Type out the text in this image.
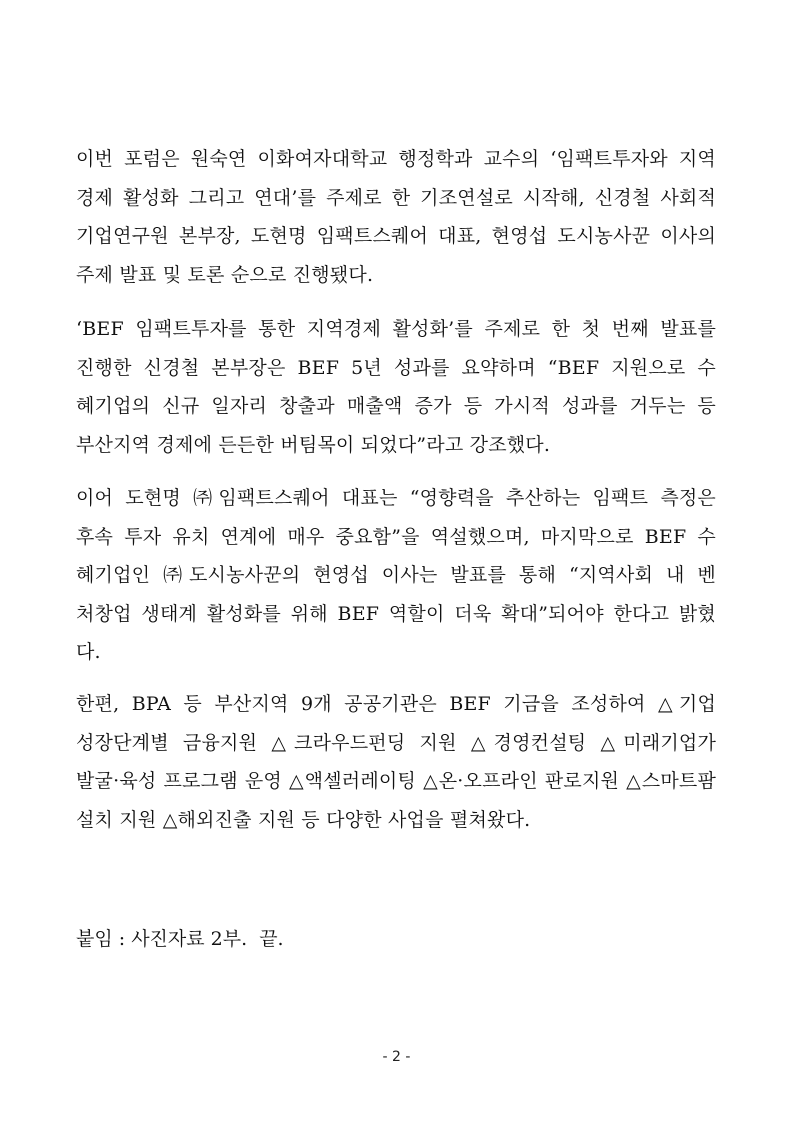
이번 포럼은 원숙연 이화여자대학교 행정학과 교수의 ‘임팩트투자와 지역
경제 활성화 그리고 연대’를 주제로 한 기조연설로 시작해, 신경철 사회적
기업연구원 본부장, 도현명 임팩트스퀘어 대표, 현영섭 도시농사꾼 이사의
주제 발표 및 토론 순으로 진행됐다.
‘BEF 임팩트투자를 통한 지역경제 활성화’를 주제로 한 첫 번째 발표를
진행한 신경철 본부장은 BEF 5년 성과를 요약하며 “BEF 지원으로 수
혜기업의 신규 일자리 창출과 매출액 증가 등 가시적 성과를 거두는 등
부산지역 경제에 든든한 버팀목이 되었다”라고 강조했다.
이어 도현명 ㈜임팩트스퀘어 대표는 “영향력을 추산하는 임팩트 측정은
후속 투자 유치 연계에 매우 중요함”을 역설했으며, 마지막으로 BEF 수
혜기업인 ㈜도시농사꾼의 현영섭 이사는 발표를 통해 “지역사회 내 벤
처창업 생태계 활성화를 위해 BEF 역할이 더욱 확대”되어야 한다고 밝혔
다.
한편, BPA 등 부산지역 9개 공공기관은 BEF 기금을 조성하여 △기업
성장단계별 금융지원 △크라우드펀딩 지원 △경영컨설팅 △미래기업가
발굴·육성 프로그램 운영 △액셀러레이팅 △온·오프라인 판로지원 △스마트팜
설치 지원 △해외진출 지원 등 다양한 사업을 펼쳐왔다.
붙임 : 사진자료 2부.  끝.
- 2 -
